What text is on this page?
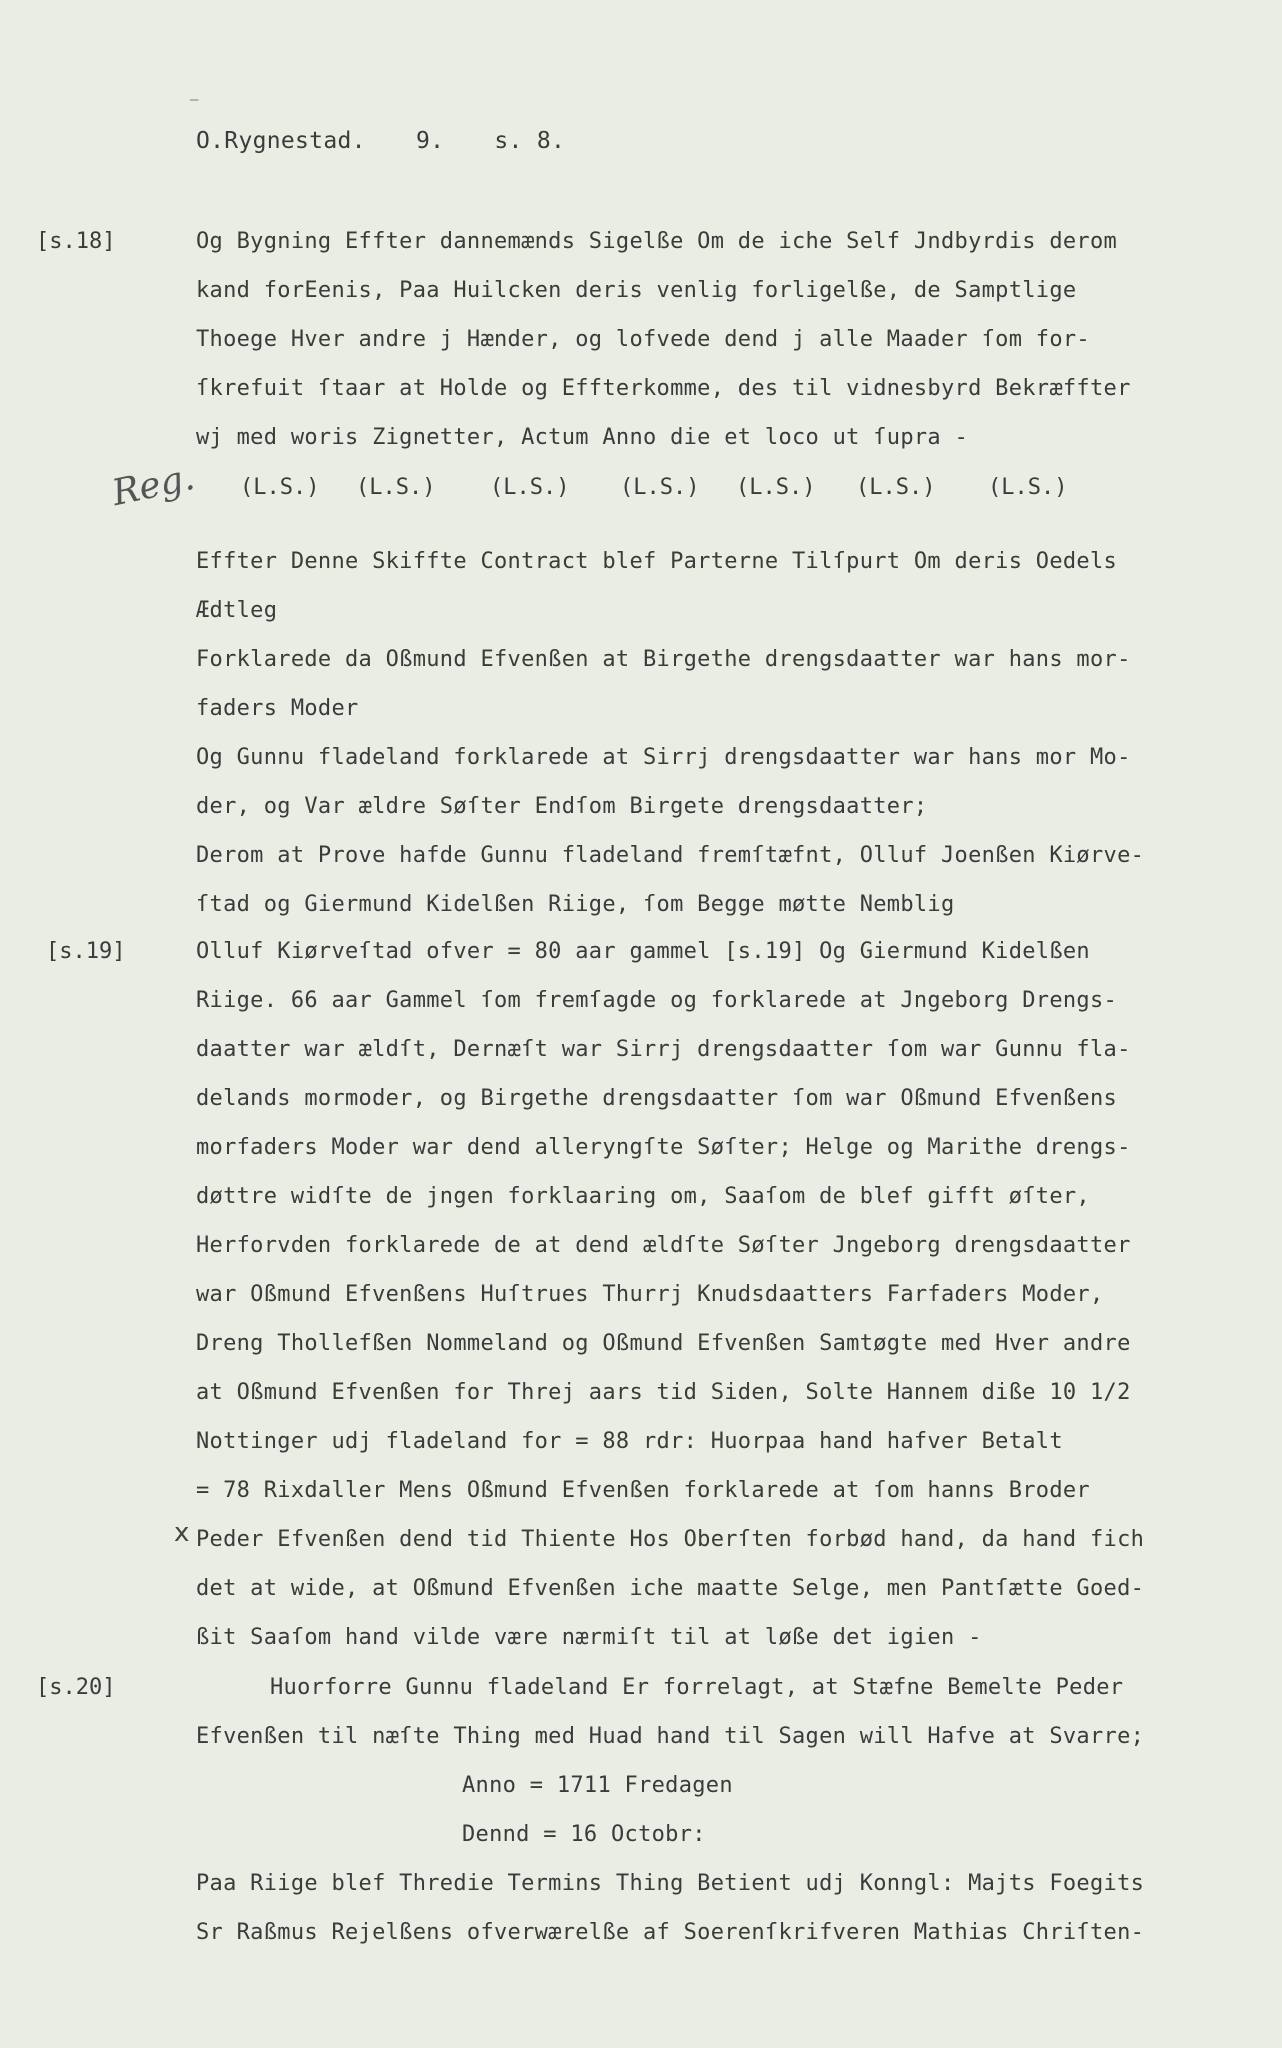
—
O.Rygnestad. 9. s. 8.
[s.18]
[s.19]
[s.20]
Reg.
Og Bygning Effter dannemænds Sigelße Om de iche Self Jndbyrdis derom
kand forEenis, Paa Huilcken deris venlig forligelße, de Samptlige
Thoege Hver andre j Hænder, og lofvede dend j alle Maader ſom for-
ſkrefuit ſtaar at Holde og Effterkomme, des til vidnesbyrd Bekræffter
wj med woris Zignetter, Actum Anno die et loco ut ſupra -
(L.S.) (L.S.) (L.S.) (L.S.) (L.S.) (L.S.) (L.S.)
Effter Denne Skiffte Contract blef Parterne Tilſpurt Om deris Oedels
Ædtleg
Forklarede da Oßmund Efvenßen at Birgethe drengsdaatter war hans mor-
faders Moder
Og Gunnu fladeland forklarede at Sirrj drengsdaatter war hans mor Mo-
der, og Var ældre Søſter Endſom Birgete drengsdaatter;
Derom at Prove hafde Gunnu fladeland fremſtæfnt, Olluf Joenßen Kiørve-
ſtad og Giermund Kidelßen Riige, ſom Begge møtte Nemblig
Olluf Kiørveſtad ofver = 80 aar gammel [s.19] Og Giermund Kidelßen
Riige. 66 aar Gammel ſom fremſagde og forklarede at Jngeborg Drengs-
daatter war ældſt, Dernæſt war Sirrj drengsdaatter ſom war Gunnu fla-
delands mormoder, og Birgethe drengsdaatter ſom war Oßmund Efvenßens
morfaders Moder war dend alleryngſte Søſter; Helge og Marithe drengs-
døttre widſte de jngen forklaaring om, Saaſom de blef gifft øſter,
Herforvden forklarede de at dend ældſte Søſter Jngeborg drengsdaatter
war Oßmund Efvenßens Huſtrues Thurrj Knudsdaatters Farfaders Moder,
Dreng Thollefßen Nommeland og Oßmund Efvenßen Samtøgte med Hver andre
at Oßmund Efvenßen for Threj aars tid Siden, Solte Hannem diße 10 1/2
Nottinger udj fladeland for = 88 rdr: Huorpaa hand hafver Betalt
= 78 Rixdaller Mens Oßmund Efvenßen forklarede at ſom hanns Broder
x Peder Efvenßen dend tid Thiente Hos Oberſten forbød hand, da hand fich
det at wide, at Oßmund Efvenßen iche maatte Selge, men Pantſætte Goed-
ßit Saaſom hand vilde være nærmiſt til at løße det igien -
Huorforre Gunnu fladeland Er forrelagt, at Stæfne Bemelte Peder
Efvenßen til næſte Thing med Huad hand til Sagen will Hafve at Svarre;
Anno = 1711 Fredagen
Dennd = 16 Octobr:
Paa Riige blef Thredie Termins Thing Betient udj Konngl: Majts Foegits
Sr Raßmus Rejelßens ofverwærelße af Soerenſkrifveren Mathias Chriſten-
